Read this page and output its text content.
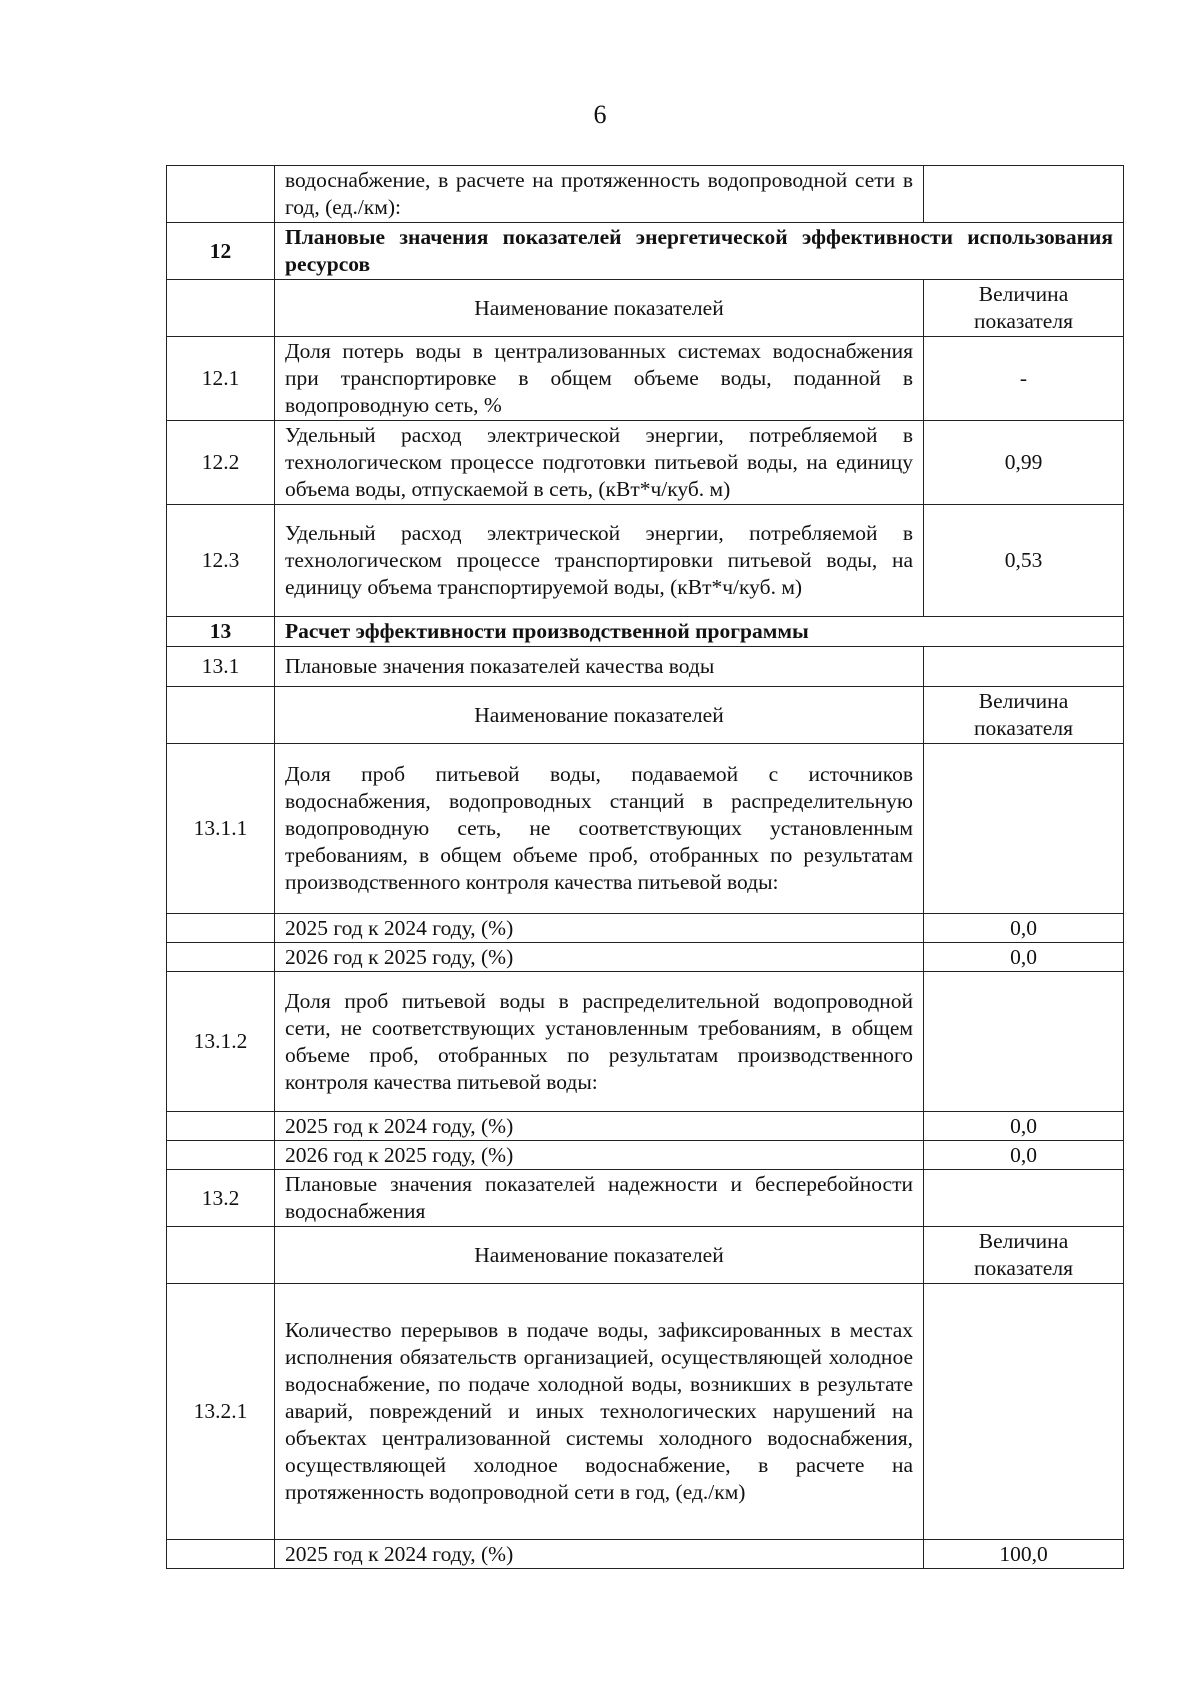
6
	водоснабжение, в расчете на протяженность водопроводной сети в год, (ед./км):	
12	Плановые значения показателей энергетической эффективности использования ресурсов	
	Наименование показателей	Величина показателя
12.1	Доля потерь воды в централизованных системах водоснабжения при транспортировке в общем объеме воды, поданной в водопроводную сеть, %	-
12.2	Удельный расход электрической энергии, потребляемой в технологическом процессе подготовки питьевой воды, на единицу объема воды, отпускаемой в сеть, (кВт*ч/куб. м)	0,99
12.3	Удельный расход электрической энергии, потребляемой в технологическом процессе транспортировки питьевой воды, на единицу объема транспортируемой воды, (кВт*ч/куб. м)	0,53
13	Расчет эффективности производственной программы	
13.1	Плановые значения показателей качества воды	
	Наименование показателей	Величина показателя
13.1.1	Доля проб питьевой воды, подаваемой с источников водоснабжения, водопроводных станций в распределительную водопроводную сеть, не соответствующих установленным требованиям, в общем объеме проб, отобранных по результатам производственного контроля качества питьевой воды:	
	2025 год к 2024 году, (%)	0,0
	2026 год к 2025 году, (%)	0,0
13.1.2	Доля проб питьевой воды в распределительной водопроводной сети, не соответствующих установленным требованиям, в общем объеме проб, отобранных по результатам производственного контроля качества питьевой воды:	
	2025 год к 2024 году, (%)	0,0
	2026 год к 2025 году, (%)	0,0
13.2	Плановые значения показателей надежности и бесперебойности водоснабжения	
	Наименование показателей	Величина показателя
13.2.1	Количество перерывов в подаче воды, зафиксированных в местах исполнения обязательств организацией, осуществляющей холодное водоснабжение, по подаче холодной воды, возникших в результате аварий, повреждений и иных технологических нарушений на объектах централизованной системы холодного водоснабжения, осуществляющей холодное водоснабжение, в расчете на протяженность водопроводной сети в год, (ед./км)	
	2025 год к 2024 году, (%)	100,0
